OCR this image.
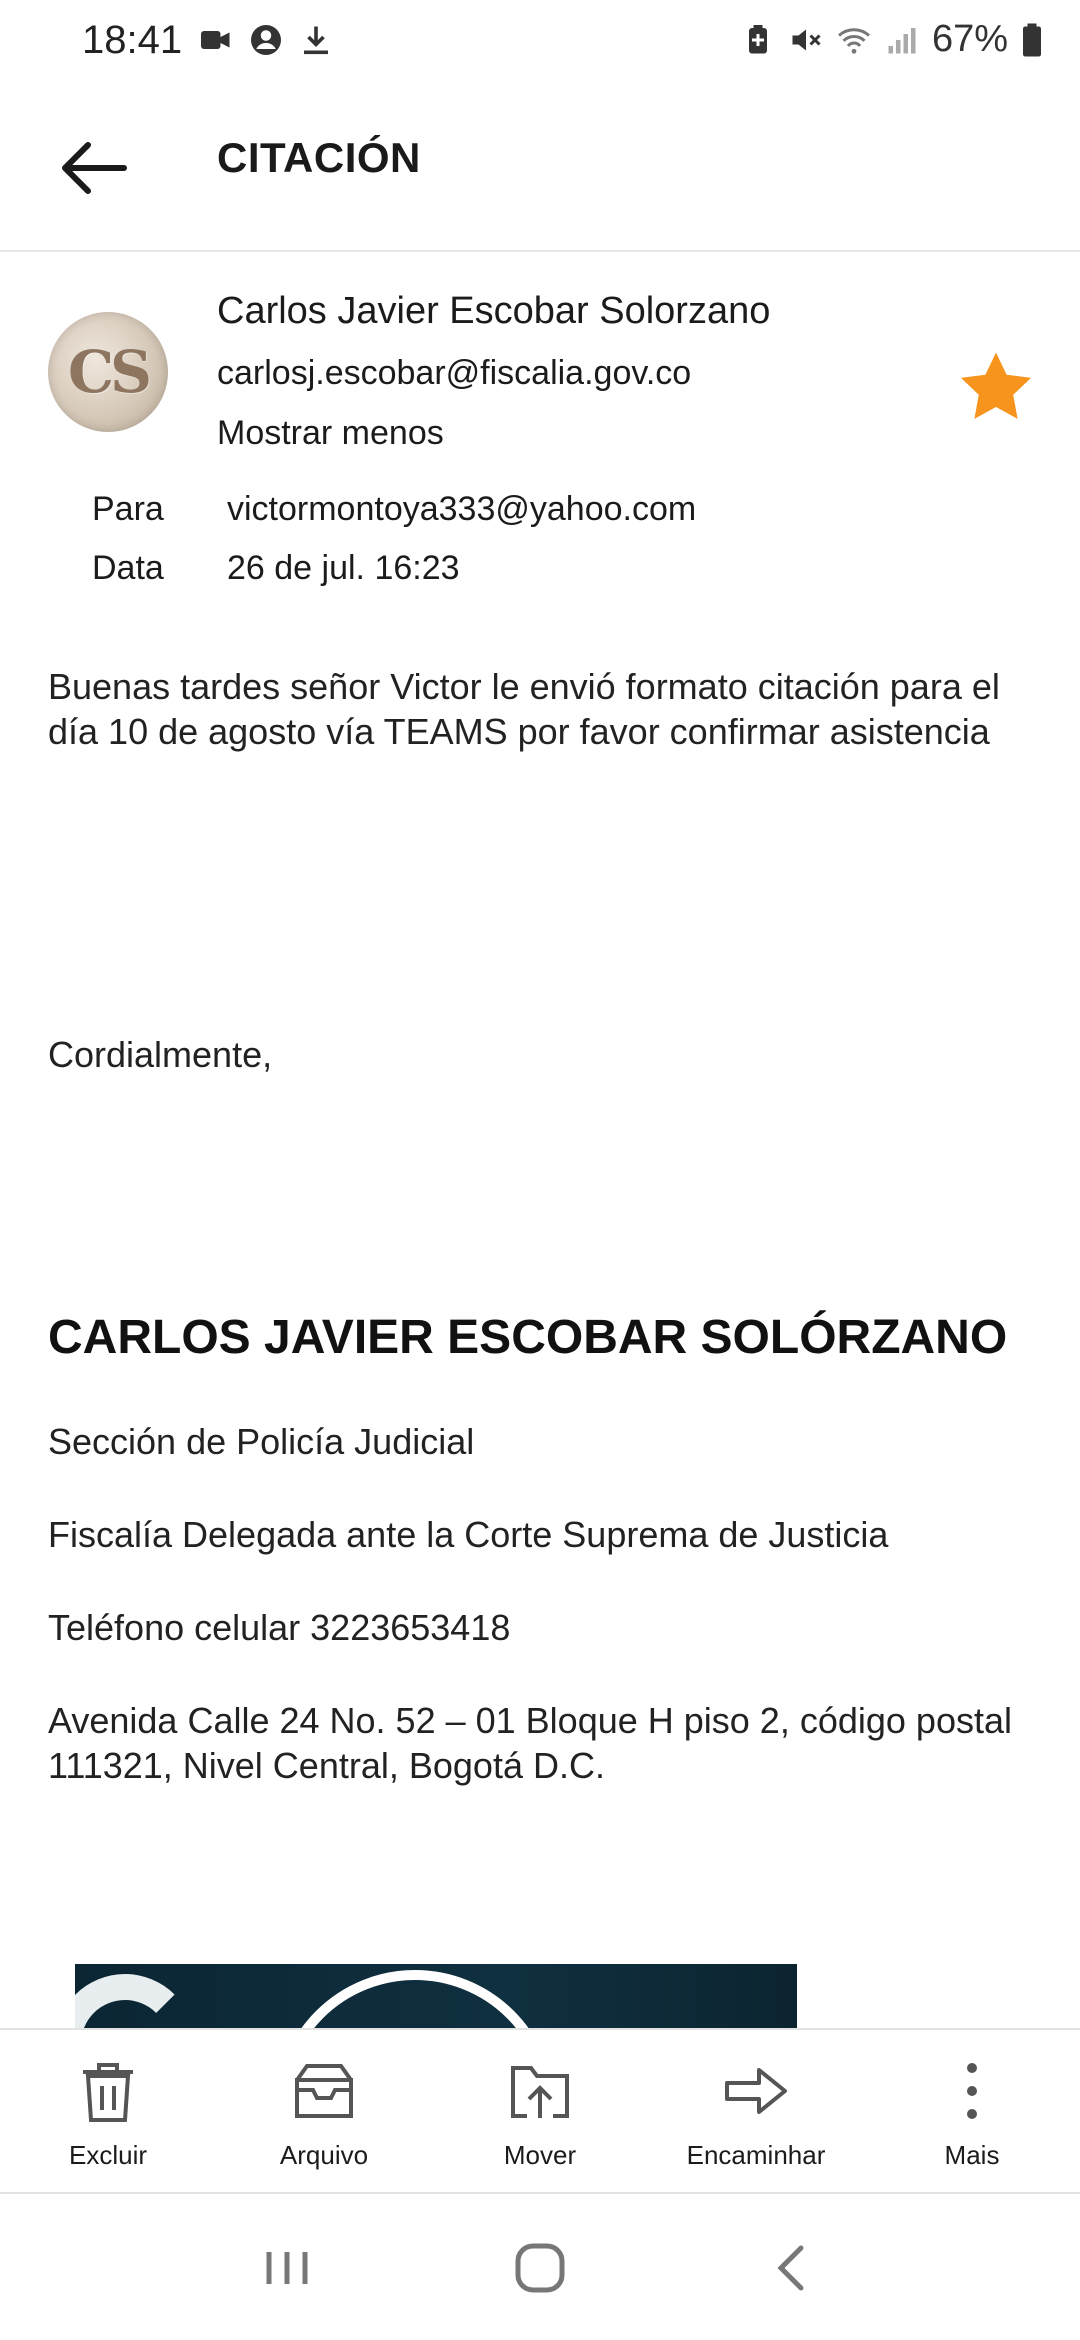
18:41	67%
CITACIÓN
CS
Carlos Javier Escobar Solorzano
carlosj.escobar@fiscalia.gov.co
Mostrar menos
Para victormontoya333@yahoo.com
Data 26 de jul. 16:23
Buenas tardes señor Victor le envió formato citación para el día 10 de agosto vía TEAMS por favor confirmar asistencia
Cordialmente,
CARLOS JAVIER ESCOBAR SOLÓRZANO
Sección de Policía Judicial
Fiscalía Delegada ante la Corte Suprema de Justicia
Teléfono celular 3223653418
Avenida Calle 24 No. 52 – 01 Bloque H piso 2, código postal 111321, Nivel Central, Bogotá D.C.
Excluir	Arquivo	Mover	Encaminhar	Mais
